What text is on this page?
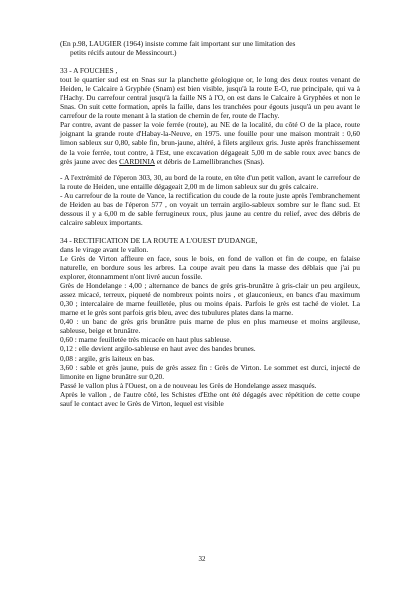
(En p.98, LAUGIER (1964) insiste comme fait important sur une limitation des
petits récifs autour de Messincourt.)
33 - A FOUCHES ,
tout le quartier sud est en Snas sur la planchette géologique or, le long des deux routes venant de Heiden, le Calcaire à Gryphée (Snam) est bien visible, jusqu'à la route E-O, rue principale, qui va à l'Hachy. Du carrefour central jusqu'à la faille NS à l'O, on est dans le Calcaire à Gryphées et non le Snas. On suit cette formation, après la faille, dans les tranchées pour égouts jusqu'à un peu avant le carrefour de la route menant à la station de chemin de fer, route de l'Iachy.
Par contre, avant de passer la voie ferrée (route), au NE de la localité, du côté O de la place, route joignant la grande route d'Habay-la-Neuve, en 1975. une fouille pour une maison montrait : 0,60 limon sableux sur 0,80, sable fin, brun-jaune, altéré, à filets argileux gris. Juste après franchissement de la voie ferrée, tout contre, à l'Est, une excavation dégageait 5,00 m de sable roux avec bancs de grès jaune avec des CARDINIA et débris de Lamellibranches (Snas).
- A l'extrémité de l'éperon 303, 30, au bord de la route, en tête d'un petit vallon, avant le carrefour de la route de Heiden, une entaille dégageait 2,00 m de limon sableux sur du grès calcaire.
- Au carrefour de la route de Vance, la rectification du coude de la route juste après l'embranchement de Heiden au bas de l'éperon 577 , on voyait un terrain argilo-sableux sombre sur le flanc sud. Et dessous il y a 6,00 m de sable ferrugineux roux, plus jaune au centre du relief, avec des débris de calcaire sableux importants.
34 - RECTIFICATION DE LA ROUTE A L'OUEST D'UDANGE,
dans le virage avant le vallon.
Le Grès de Virton affleure en face, sous le bois, en fond de vallon et fin de coupe, en falaise naturelle, en bordure sous les arbres. La coupe avait peu dans la masse des déblais que j'ai pu explorer, étonnamment n'ont livré aucun fossile.
Grès de Hondelange : 4,00 ; alternance de bancs de grès gris-brunâtre à gris-clair un peu argileux, assez micacé, terreux, piqueté de nombreux points noirs , et glauconieux, en bancs d'au maximum 0,30 ; intercalaire de marne feuilletée, plus ou moins épais. Parfois le grès est taché de violet. La marne et le grès sont parfois gris bleu, avec des tubulures plates dans la marne.
0,40 : un banc de grès gris brunâtre puis marne de plus en plus marneuse et moins argileuse, sableuse, beige et brunâtre.
0,60 : marne feuilletée très micacée en haut plus sableuse.
0,12 : elle devient argilo-sableuse en haut avec des bandes brunes.
0,08 : argile, gris laiteux en bas.
3,60 : sable et grès jaune, puis de grès assez fin : Grès de Virton. Le sommet est durci, injecté de limonite en ligne brunâtre sur 0,20.
Passé le vallon plus à l'Ouest, on a de nouveau les Grès de Hondelange assez masqués.
Après le vallon , de l'autre côté, les Schistes d'Ethe ont été dégagés avec répétition de cette coupe sauf le contact avec le Grès de Virton, lequel est visible
32
